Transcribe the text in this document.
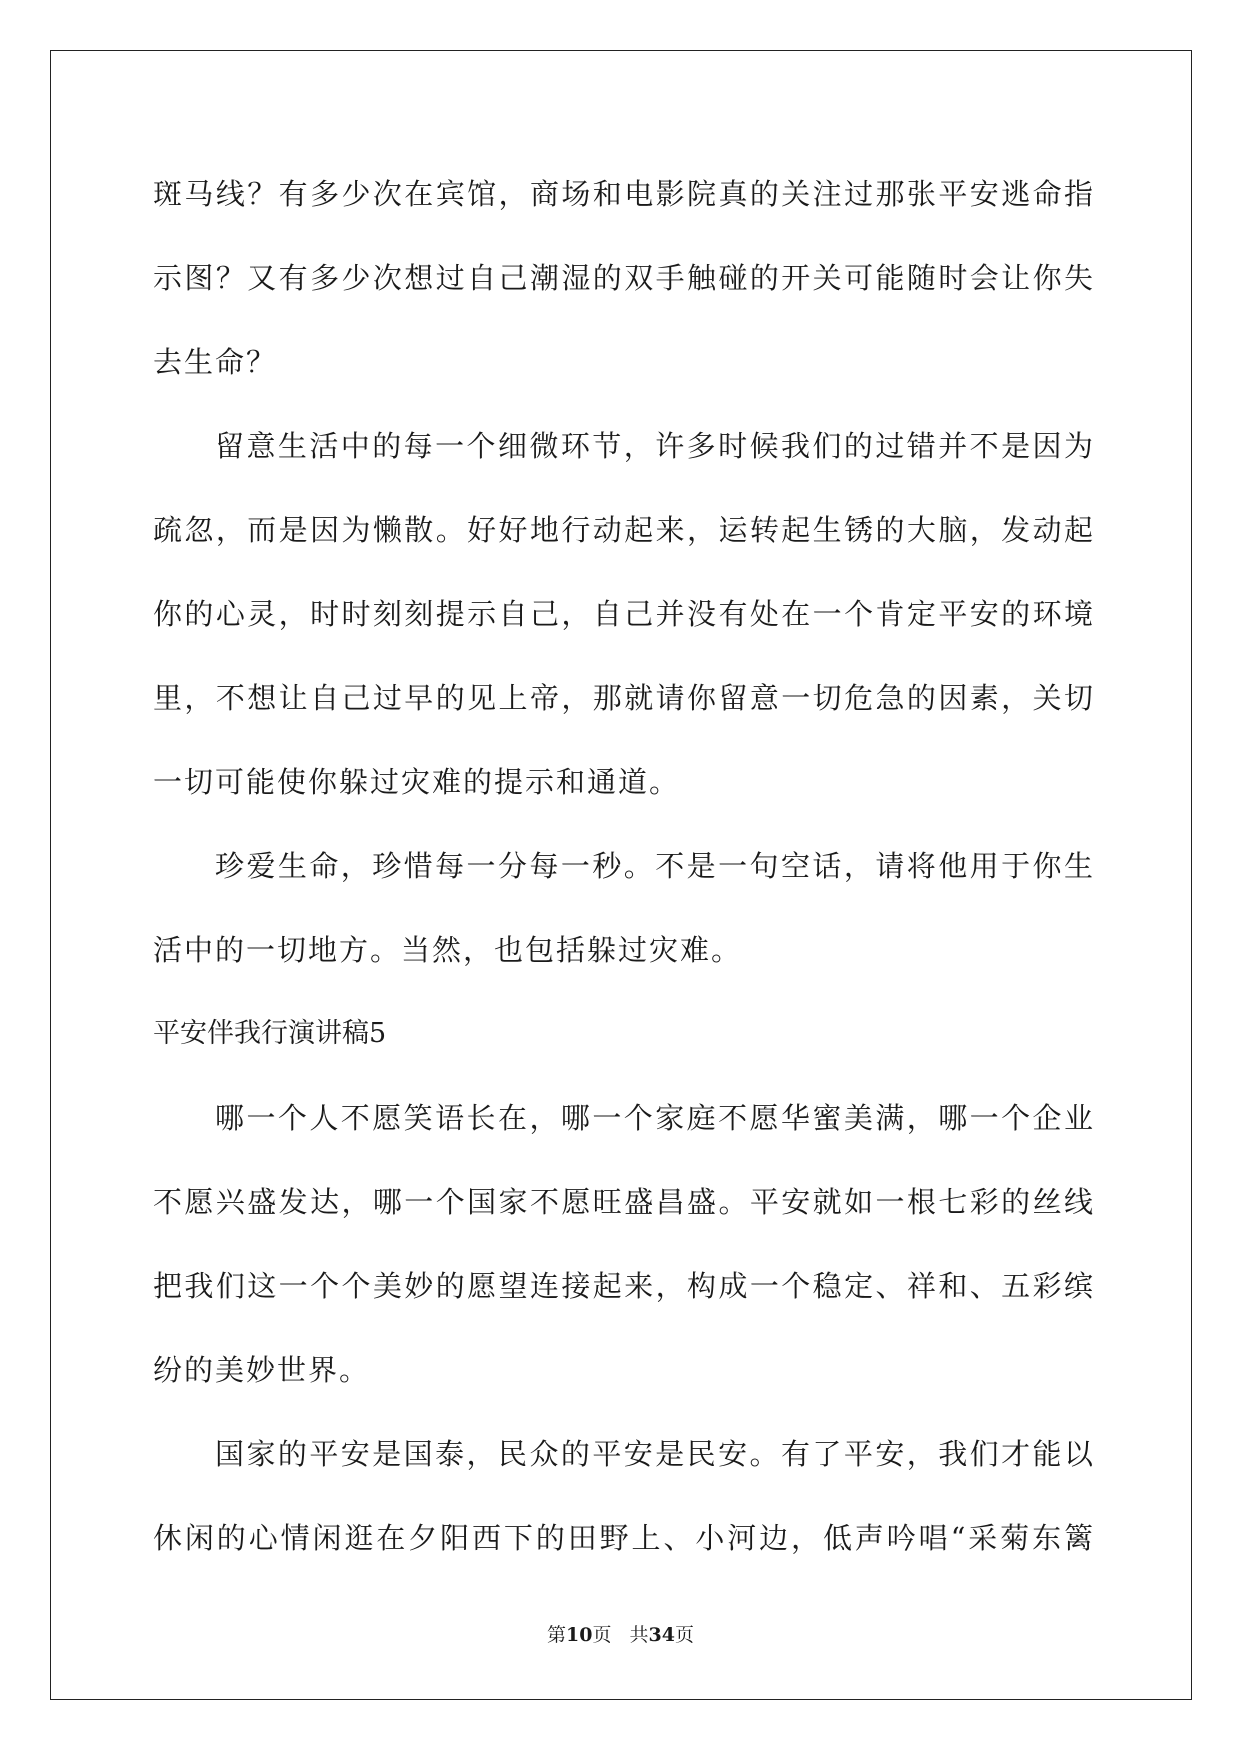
斑马线？有多少次在宾馆，商场和电影院真的关注过那张平安逃命指
示图？又有多少次想过自己潮湿的双手触碰的开关可能随时会让你失
去生命？
留意生活中的每一个细微环节，许多时候我们的过错并不是因为
疏忽，而是因为懒散。好好地行动起来，运转起生锈的大脑，发动起
你的心灵，时时刻刻提示自己，自己并没有处在一个肯定平安的环境
里，不想让自己过早的见上帝，那就请你留意一切危急的因素，关切
一切可能使你躲过灾难的提示和通道。
珍爱生命，珍惜每一分每一秒。不是一句空话，请将他用于你生
活中的一切地方。当然，也包括躲过灾难。
平安伴我行演讲稿5
哪一个人不愿笑语长在，哪一个家庭不愿华蜜美满，哪一个企业
不愿兴盛发达，哪一个国家不愿旺盛昌盛。平安就如一根七彩的丝线
把我们这一个个美妙的愿望连接起来，构成一个稳定、祥和、五彩缤
纷的美妙世界。
国家的平安是国泰，民众的平安是民安。有了平安，我们才能以
休闲的心情闲逛在夕阳西下的田野上、小河边，低声吟唱“采菊东篱
第10页 共34页
